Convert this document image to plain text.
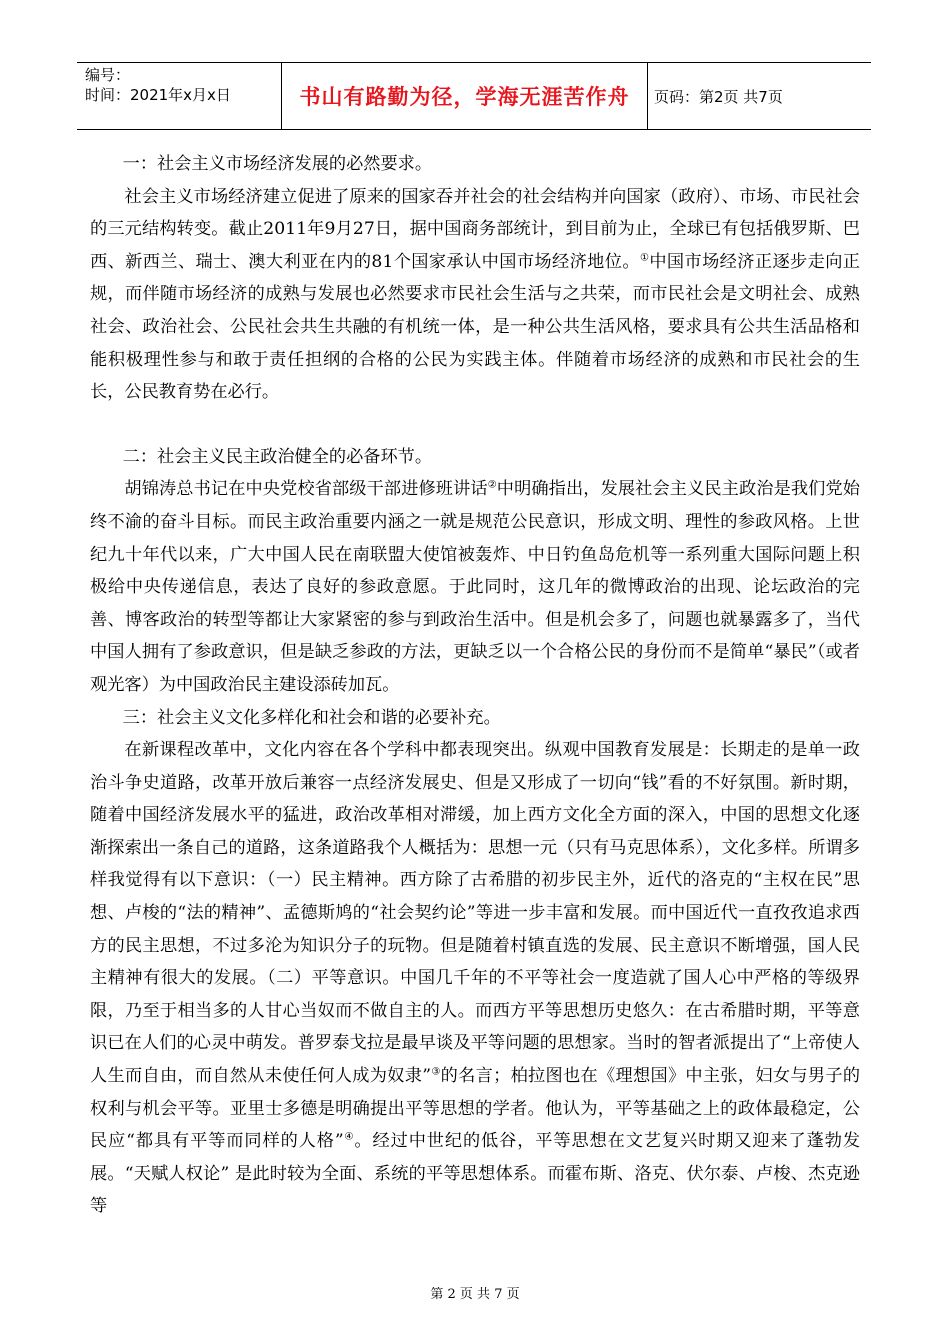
编号：
时间：2021年x月x日	书山有路勤为径，学海无涯苦作舟	页码：第2页 共7页

一：社会主义市场经济发展的必然要求。

社会主义市场经济建立促进了原来的国家吞并社会的社会结构并向国家（政府）、市场、市民社会的三元结构转变。截止2011年9月27日，据中国商务部统计，到目前为止，全球已有包括俄罗斯、巴西、新西兰、瑞士、澳大利亚在内的81个国家承认中国市场经济地位。①中国市场经济正逐步走向正规，而伴随市场经济的成熟与发展也必然要求市民社会生活与之共荣，而市民社会是文明社会、成熟社会、政治社会、公民社会共生共融的有机统一体，是一种公共生活风格，要求具有公共生活品格和能积极理性参与和敢于责任担纲的合格的公民为实践主体。伴随着市场经济的成熟和市民社会的生长，公民教育势在必行。

二：社会主义民主政治健全的必备环节。

胡锦涛总书记在中央党校省部级干部进修班讲话②中明确指出，发展社会主义民主政治是我们党始终不渝的奋斗目标。而民主政治重要内涵之一就是规范公民意识，形成文明、理性的参政风格。上世纪九十年代以来，广大中国人民在南联盟大使馆被轰炸、中日钓鱼岛危机等一系列重大国际问题上积极给中央传递信息，表达了良好的参政意愿。于此同时，这几年的微博政治的出现、论坛政治的完善、博客政治的转型等都让大家紧密的参与到政治生活中。但是机会多了，问题也就暴露多了，当代中国人拥有了参政意识，但是缺乏参政的方法，更缺乏以一个合格公民的身份而不是简单“暴民”（或者观光客）为中国政治民主建设添砖加瓦。

三：社会主义文化多样化和社会和谐的必要补充。

在新课程改革中，文化内容在各个学科中都表现突出。纵观中国教育发展是：长期走的是单一政治斗争史道路，改革开放后兼容一点经济发展史、但是又形成了一切向“钱”看的不好氛围。新时期，随着中国经济发展水平的猛进，政治改革相对滞缓，加上西方文化全方面的深入，中国的思想文化逐渐探索出一条自己的道路，这条道路我个人概括为：思想一元（只有马克思体系），文化多样。所谓多样我觉得有以下意识：（一）民主精神。西方除了古希腊的初步民主外，近代的洛克的“主权在民”思想、卢梭的“法的精神”、孟德斯鸠的“社会契约论”等进一步丰富和发展。而中国近代一直孜孜追求西方的民主思想，不过多沦为知识分子的玩物。但是随着村镇直选的发展、民主意识不断增强，国人民主精神有很大的发展。（二）平等意识。中国几千年的不平等社会一度造就了国人心中严格的等级界限，乃至于相当多的人甘心当奴而不做自主的人。而西方平等思想历史悠久：在古希腊时期，平等意识已在人们的心灵中萌发。普罗泰戈拉是最早谈及平等问题的思想家。当时的智者派提出了“上帝使人人生而自由，而自然从未使任何人成为奴隶”③的名言；柏拉图也在《理想国》中主张，妇女与男子的权利与机会平等。亚里士多德是明确提出平等思想的学者。他认为，平等基础之上的政体最稳定，公民应“都具有平等而同样的人格”④。经过中世纪的低谷，平等思想在文艺复兴时期又迎来了蓬勃发展。“天赋人权论” 是此时较为全面、系统的平等思想体系。而霍布斯、洛克、伏尔泰、卢梭、杰克逊等

第 2 页 共 7 页
